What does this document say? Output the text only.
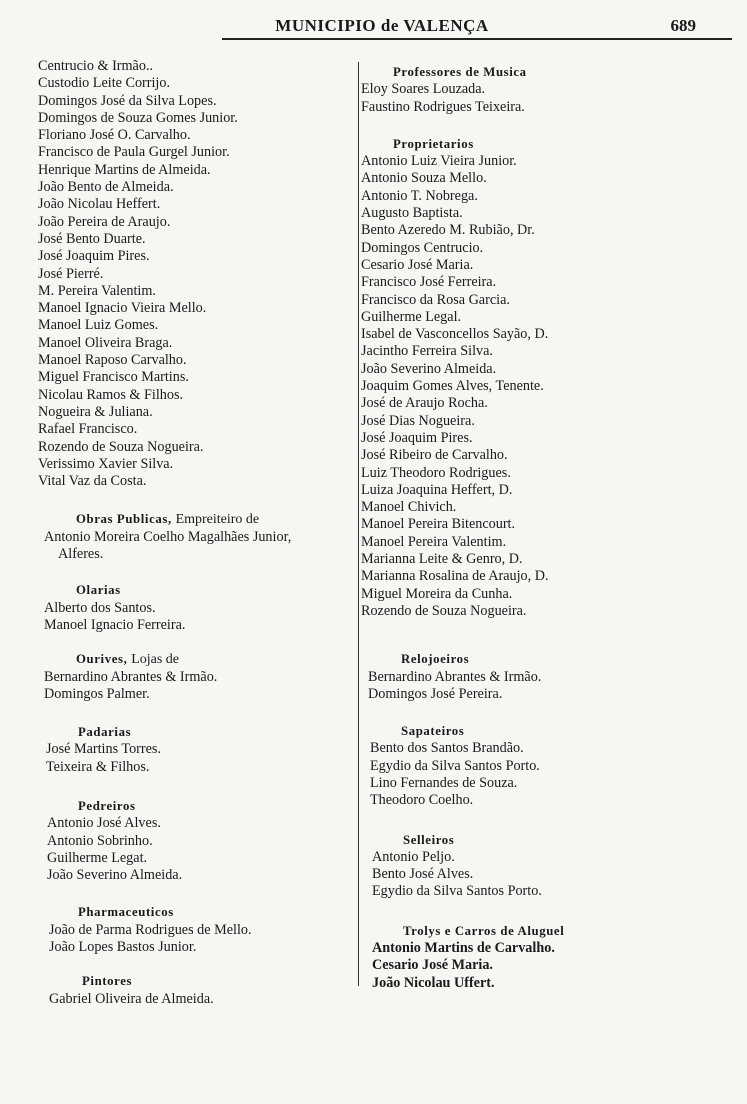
MUNICIPIO de VALENÇA	689
Centrucio & Irmão..
Custodio Leite Corrijo.
Domingos José da Silva Lopes.
Domingos de Souza Gomes Junior.
Floriano José O. Carvalho.
Francisco de Paula Gurgel Junior.
Henrique Martins de Almeida.
João Bento de Almeida.
João Nicolau Heffert.
João Pereira de Araujo.
José Bento Duarte.
José Joaquim Pires.
José Pierré.
M. Pereira Valentim.
Manoel Ignacio Vieira Mello.
Manoel Luiz Gomes.
Manoel Oliveira Braga.
Manoel Raposo Carvalho.
Miguel Francisco Martins.
Nicolau Ramos & Filhos.
Nogueira & Juliana.
Rafael Francisco.
Rozendo de Souza Nogueira.
Verissimo Xavier Silva.
Vital Vaz da Costa.
Obras Publicas, Empreiteiro de
Antonio Moreira Coelho Magalhães Junior,
Alferes.
Olarias
Alberto dos Santos.
Manoel Ignacio Ferreira.
Ourives, Lojas de
Bernardino Abrantes & Irmão.
Domingos Palmer.
Padarias
José Martins Torres.
Teixeira & Filhos.
Pedreiros
Antonio José Alves.
Antonio Sobrinho.
Guilherme Legat.
João Severino Almeida.
Pharmaceuticos
João de Parma Rodrigues de Mello.
João Lopes Bastos Junior.
Pintores
Gabriel Oliveira de Almeida.
Professores de Musica
Eloy Soares Louzada.
Faustino Rodrigues Teixeira.
Proprietarios
Antonio Luiz Vieira Junior.
Antonio Souza Mello.
Antonio T. Nobrega.
Augusto Baptista.
Bento Azeredo M. Rubião, Dr.
Domingos Centrucio.
Cesario José Maria.
Francisco José Ferreira.
Francisco da Rosa Garcia.
Guilherme Legal.
Isabel de Vasconcellos Sayão, D.
Jacintho Ferreira Silva.
João Severino Almeida.
Joaquim Gomes Alves, Tenente.
José de Araujo Rocha.
José Dias Nogueira.
José Joaquim Pires.
José Ribeiro de Carvalho.
Luiz Theodoro Rodrigues.
Luiza Joaquina Heffert, D.
Manoel Chivich.
Manoel Pereira Bitencourt.
Manoel Pereira Valentim.
Marianna Leite & Genro, D.
Marianna Rosalina de Araujo, D.
Miguel Moreira da Cunha.
Rozendo de Souza Nogueira.
Relojoeiros
Bernardino Abrantes & Irmão.
Domingos José Pereira.
Sapateiros
Bento dos Santos Brandão.
Egydio da Silva Santos Porto.
Lino Fernandes de Souza.
Theodoro Coelho.
Selleiros
Antonio Peljo.
Bento José Alves.
Egydio da Silva Santos Porto.
Trolys e Carros de Aluguel
Antonio Martins de Carvalho.
Cesario José Maria.
João Nicolau Uffert.
